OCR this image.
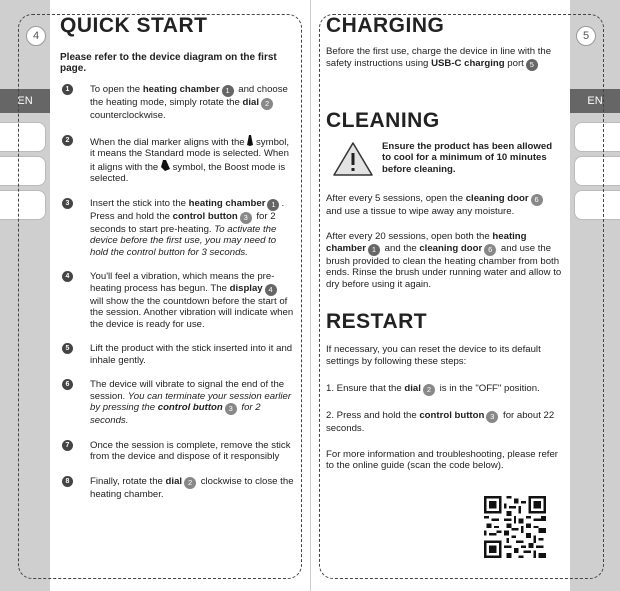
4
EN
5
EN
QUICK START
Please refer to the device diagram on the first page.
1	To open the heating chamber 1 and choose the heating mode, simply rotate the dial 2 counterclockwise.
2	When the dial marker aligns with the  symbol, it means the Standard mode is selected. When it aligns with the  symbol, the Boost mode is selected.
3	Insert the stick into the heating chamber 1 . Press and hold the control button 3 for 2 seconds to start pre-heating. To activate the device before the first use, you may need to hold the control button for 3 seconds.
4	You'll feel a vibration, which means the pre-heating process has begun. The display 4 will show the the countdown before the start of the session. Another vibration will indicate when the device is ready for use.
5	Lift the product with the stick inserted into it and inhale gently.
6	The device will vibrate to signal the end of the session. You can terminate your session earlier by pressing the control button 3 for 2 seconds.
7	Once the session is complete, remove the stick from the device and dispose of it responsibly
8	Finally, rotate the dial 2 clockwise to close the heating chamber.
CHARGING
Before the first use, charge the device in line with the safety instructions using USB-C charging port 5
CLEANING
Ensure the product has been allowed to cool for a minimum of 10 minutes before cleaning.
After every 5 sessions, open the cleaning door 6 and use a tissue to wipe away any moisture.
After every 20 sessions, open both the heating chamber 1 and the cleaning door 6 and use the brush provided to clean the heating chamber from both ends. Rinse the brush under running water and allow to dry before using it again.
RESTART
If necessary, you can reset the device to its default settings by following these steps:
1. Ensure that the dial 2 is in the "OFF" position.
2. Press and hold the control button 3 for about 22 seconds.
For more information and troubleshooting, please refer to the online guide (scan the code below).
